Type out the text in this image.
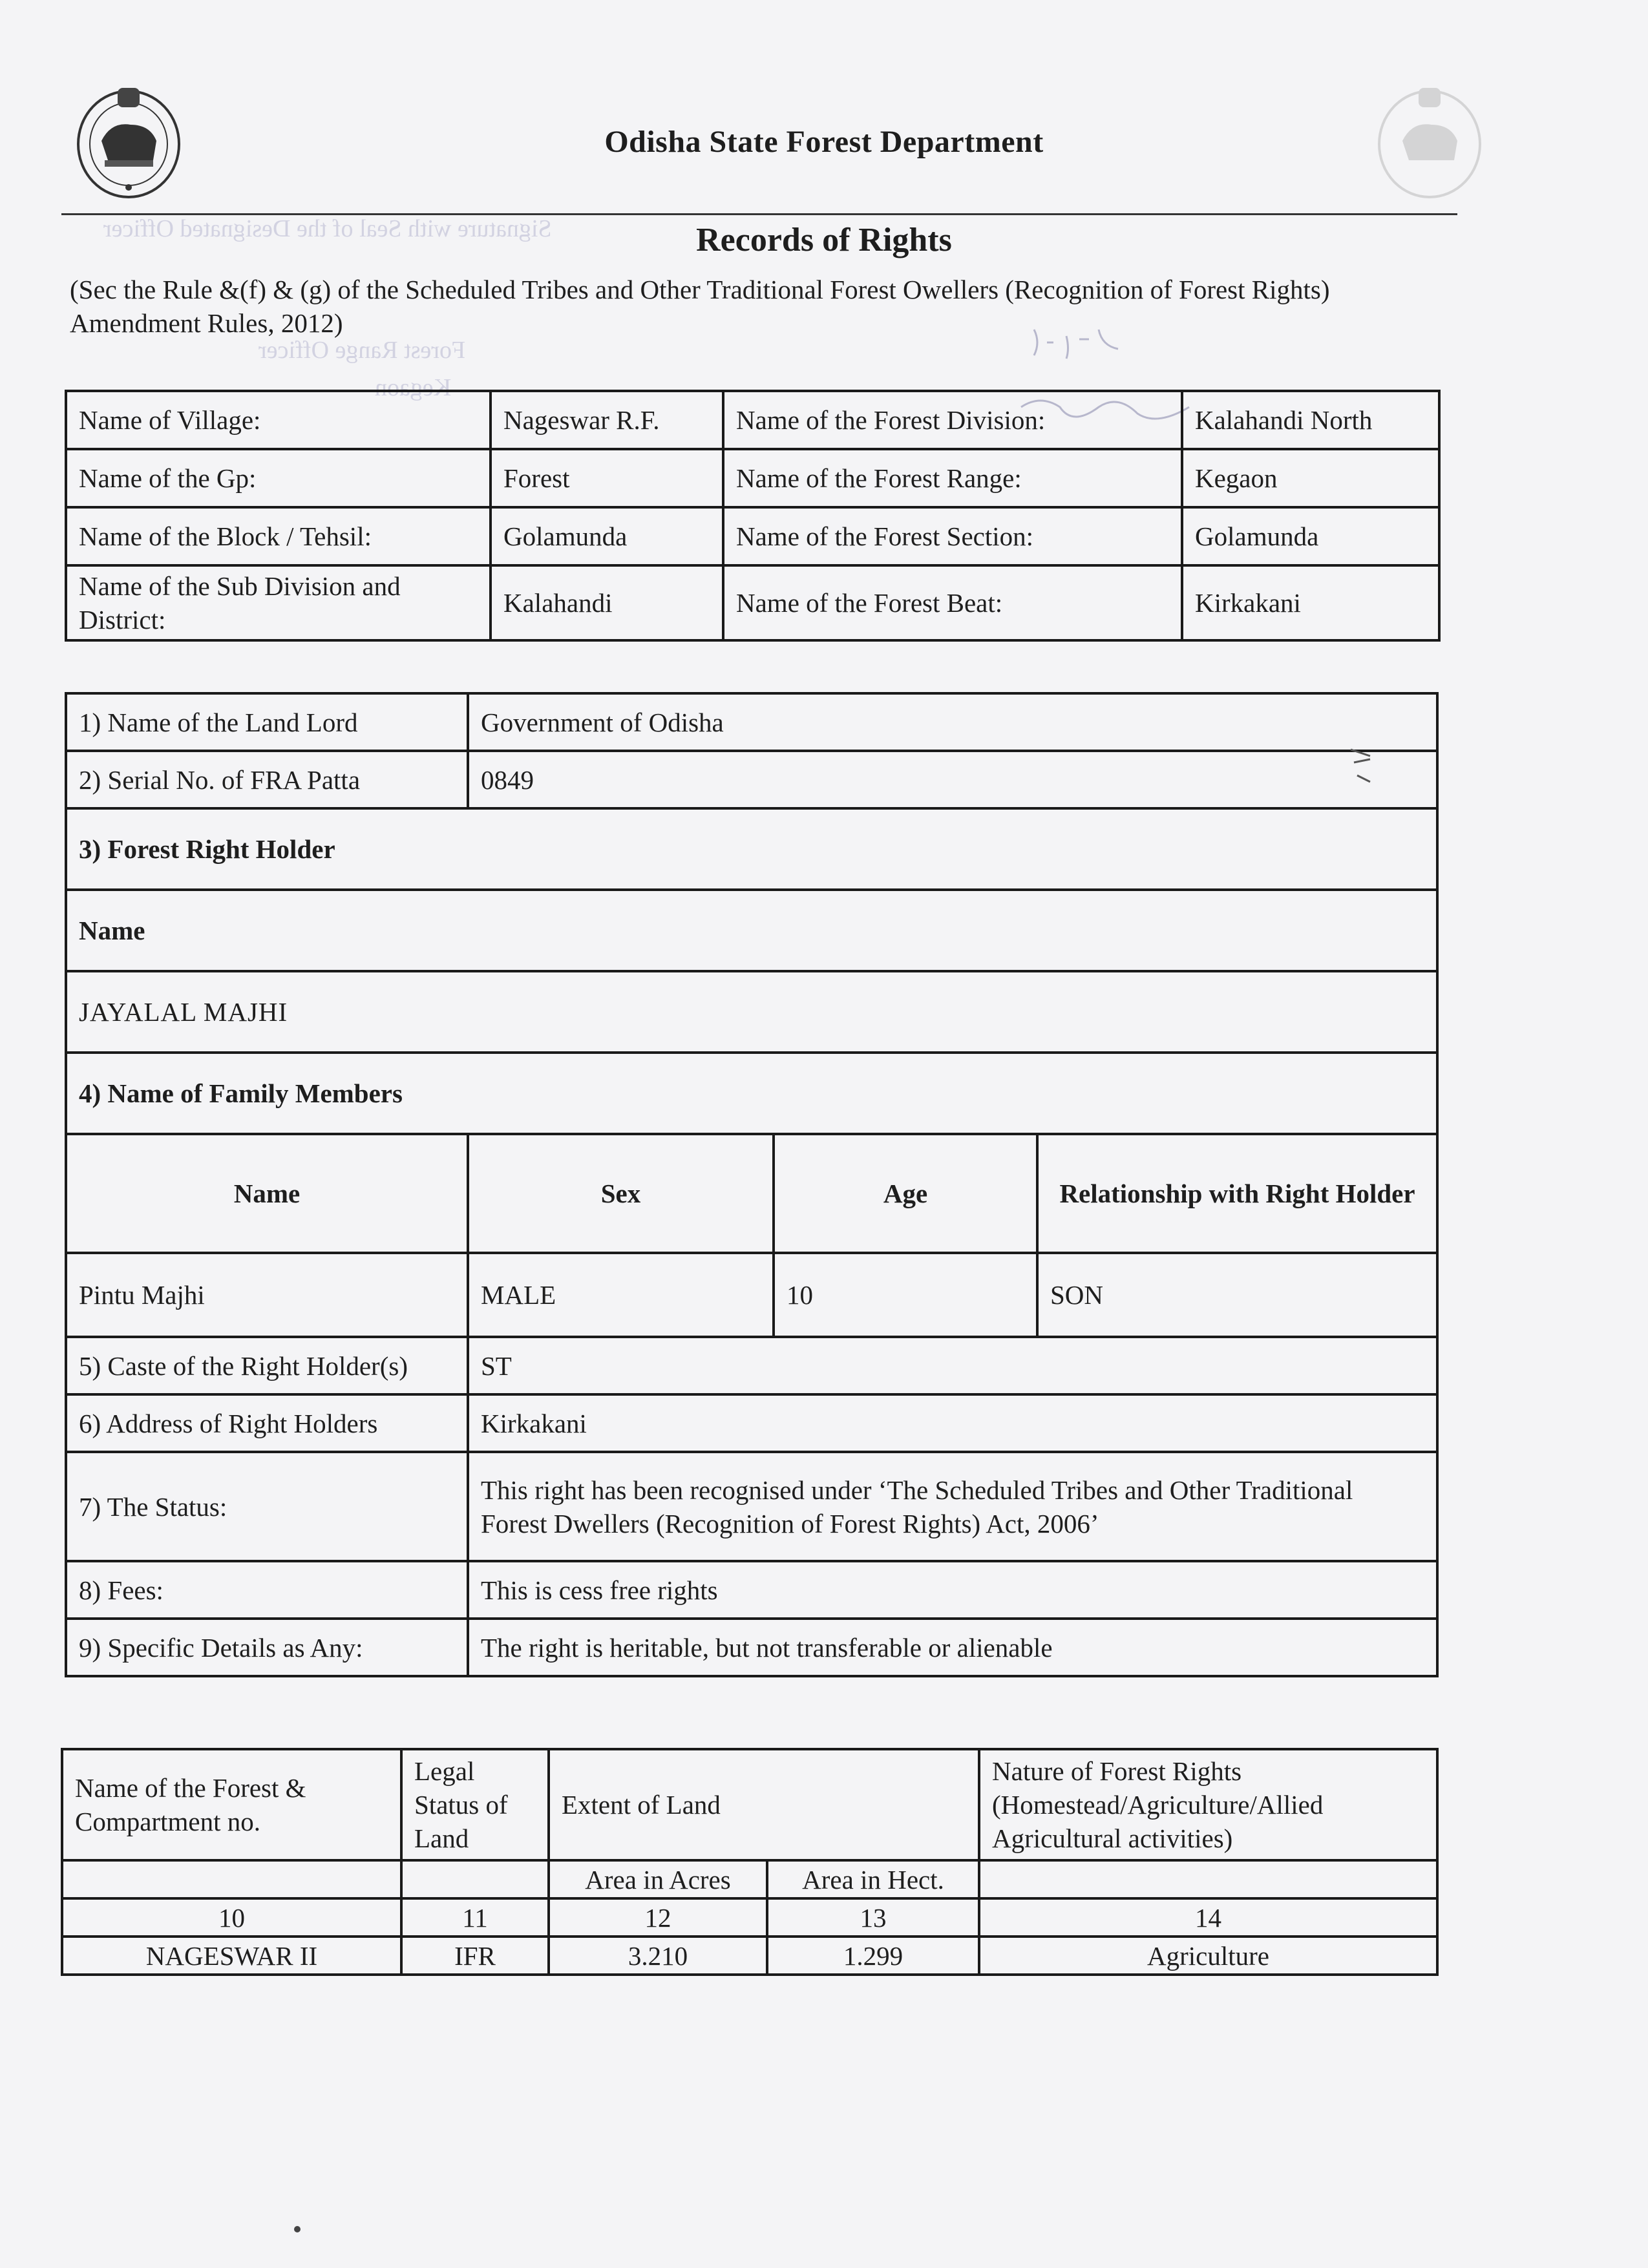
Signature with Seal of the Designated Officer
Forest Range Officer
Kegaon
Odisha State Forest Department
Records of Rights
(Sec the Rule &(f) & (g) of the Scheduled Tribes and Other Traditional Forest Owellers (Recognition of Forest Rights) Amendment Rules, 2012)
Name of Village:	Nageswar R.F.	Name of the Forest Division:	Kalahandi North
Name of the Gp:	Forest	Name of the Forest Range:	Kegaon
Name of the Block / Tehsil:	Golamunda	Name of the Forest Section:	Golamunda
Name of the Sub Division and District:	Kalahandi	Name of the Forest Beat:	Kirkakani
1) Name of the Land Lord	Government of Odisha		
2) Serial No. of FRA Patta	0849		
3) Forest Right Holder			
Name			
JAYALAL MAJHI			
4) Name of Family Members			
Name	Sex	Age	Relationship with Right Holder
Pintu Majhi	MALE	10	SON
5) Caste of the Right Holder(s)	ST		
6) Address of Right Holders	Kirkakani		
7) The Status:	This right has been recognised under ‘The Scheduled Tribes and Other Traditional
Forest Dwellers (Recognition of Forest Rights) Act, 2006’		

8) Fees:	This is cess free rights		
9) Specific Details as Any:	The right is heritable, but not transferable or alienable		
Name of the Forest & Compartment no.	Legal Status of Land	Extent of Land		Nature of Forest Rights (Homestead/Agriculture/Allied Agricultural activities)
		Area in Acres	Area in Hect.	
10	11	12	13	14
NAGESWAR II	IFR	3.210	1.299	Agriculture
